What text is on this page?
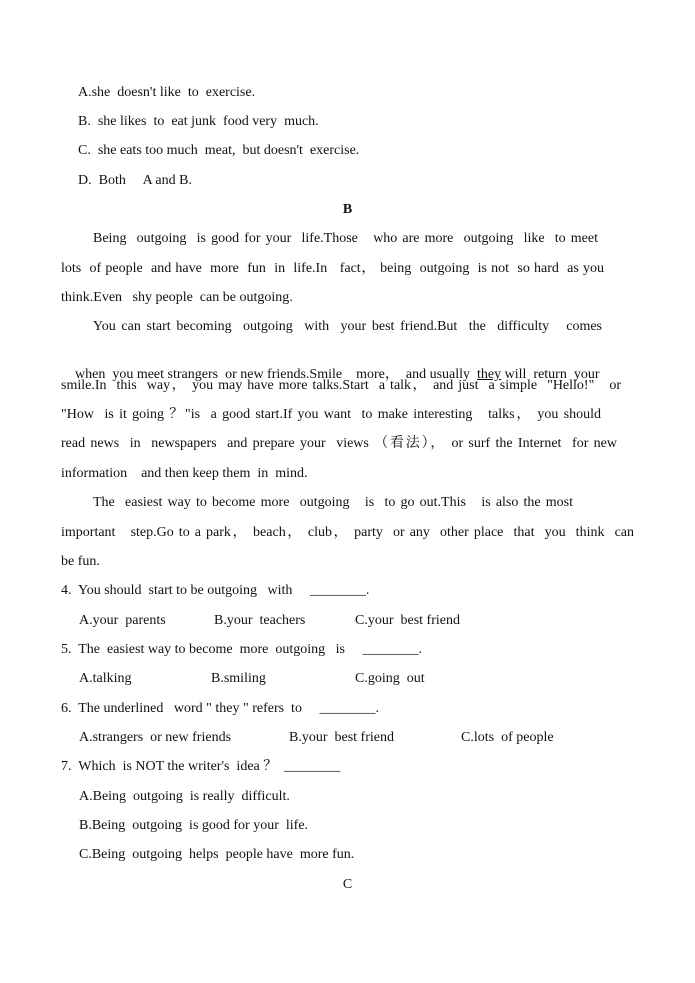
A.she  doesn't like  to  exercise.
B.  she likes  to  eat junk  food very  much.
C.  she eats too much  meat,  but doesn't  exercise.
D.  Both     A and B.
B
Being  outgoing  is good for your  life.Those   who are more  outgoing  like  to meet
lots  of people  and have  more  fun  in  life.In   fact， being  outgoing  is not  so hard  as you
think.Even   shy people  can be outgoing.
You can start becoming  outgoing  with  your best friend.But  the  difficulty   comes

when  you meet strangers  or new friends.Smile    more，  and usually  they will  return  your

smile.In  this  way， you may have more talks.Start  a talk， and just  a simple  "Hello!"   or
"How  is it going ？"is  a good start.If you want  to make interesting   talks， you should
read news  in  newspapers  and prepare your  views （看法）， or surf the Internet  for new
information    and then keep them  in  mind.
The  easiest way to become more  outgoing   is  to go out.This   is also the most
important   step.Go to a park， beach， club， party  or any  other place  that  you  think  can
be fun.
4.  You should  start to be outgoing   with     ________.
A.your  parents	B.your  teachers	C.your  best friend
5.  The  easiest way to become  more  outgoing   is     ________.
A.talking	B.smiling	C.going  out
6.  The underlined   word " they " refers  to     ________.
A.strangers  or new friends	B.your  best friend	C.lots  of people
7.  Which  is NOT the writer's  idea ？  ________
A.Being  outgoing  is really  difficult.
B.Being  outgoing  is good for your  life.
C.Being  outgoing  helps  people have  more fun.
C
